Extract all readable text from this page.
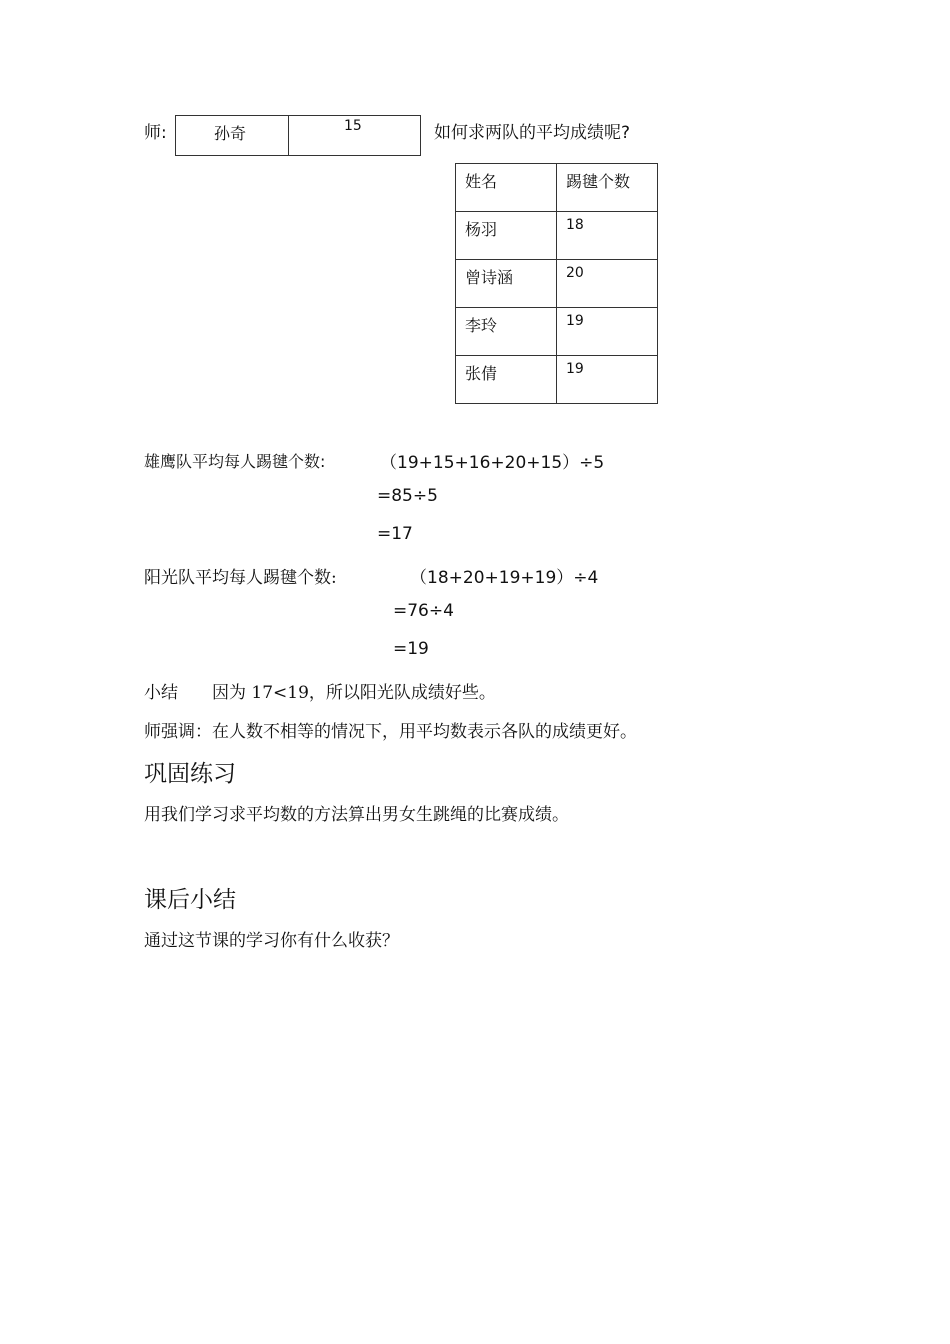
师:	孙奇	15	如何求两队的平均成绩呢?
姓名	踢毽个数

杨羽	18

曾诗涵	20

李玲	19

张倩	19
雄鹰队平均每人踢毽个数:	（19+15+16+20+15）÷5
=85÷5
=17
阳光队平均每人踢毽个数:	（18+20+19+19）÷4
=76÷4
=19
小结 因为 17<19，所以阳光队成绩好些。
师强调：在人数不相等的情况下，用平均数表示各队的成绩更好。
巩固练习
用我们学习求平均数的方法算出男女生跳绳的比赛成绩。
课后小结
通过这节课的学习你有什么收获？
